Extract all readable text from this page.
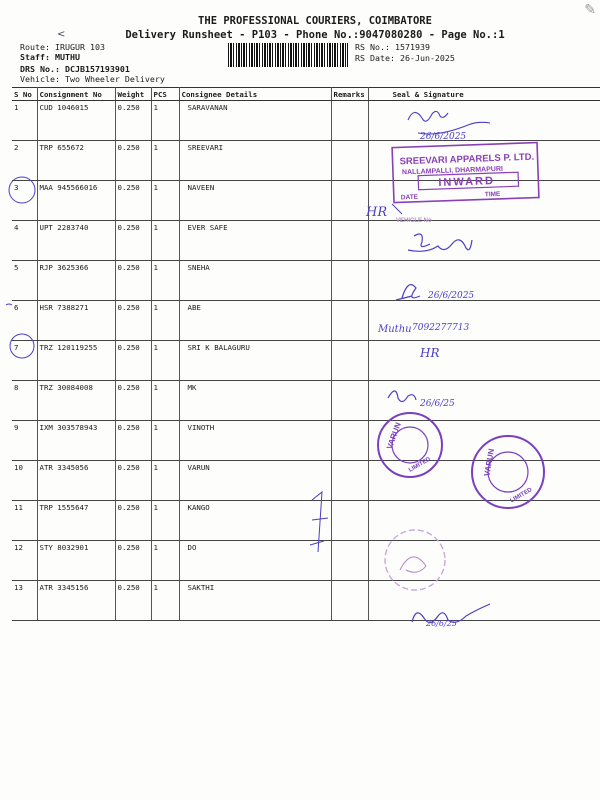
✎
<
THE PROFESSIONAL COURIERS, COIMBATORE
Delivery Runsheet - P103 - Phone No.:9047080280 - Page No.:1
Route: IRUGUR 103
Staff: MUTHU
DRS No.: DCJB157193901
Vehicle: Two Wheeler Delivery
RS No.: 1571939
RS Date: 26-Jun-2025
S No	Consignment No	Weight	PCS	Consignee Details	Remarks	Seal & Signature
1	CUD 1046015	0.250	1	SARAVANAN		
2	TRP 655672	0.250	1	SREEVARI		
3	MAA 945566016	0.250	1	NAVEEN		
4	UPT 2283740	0.250	1	EVER SAFE		
5	RJP 3625366	0.250	1	SNEHA		
6	HSR 7388271	0.250	1	ABE		
7	TRZ 120119255	0.250	1	SRI K BALAGURU		
8	TRZ 30084008	0.250	1	MK		
9	IXM 303578943	0.250	1	VINOTH		
10	ATR 3345056	0.250	1	VARUN		
11	TRP 1555647	0.250	1	KANGO		
12	STY 8032901	0.250	1	DO		
13	ATR 3345156	0.250	1	SAKTHI		
26/6/2025
SREEVARI APPARELS P. LTD.
NALLAMPALLI, DHARMAPURI
INWARD
DATE	TIME
VEHICLE No
HR
26/6/2025
Muthu 7092277713
HR
26/6/25
VARUN
LIMITED	VARUN
LIMITED
26/6/25
